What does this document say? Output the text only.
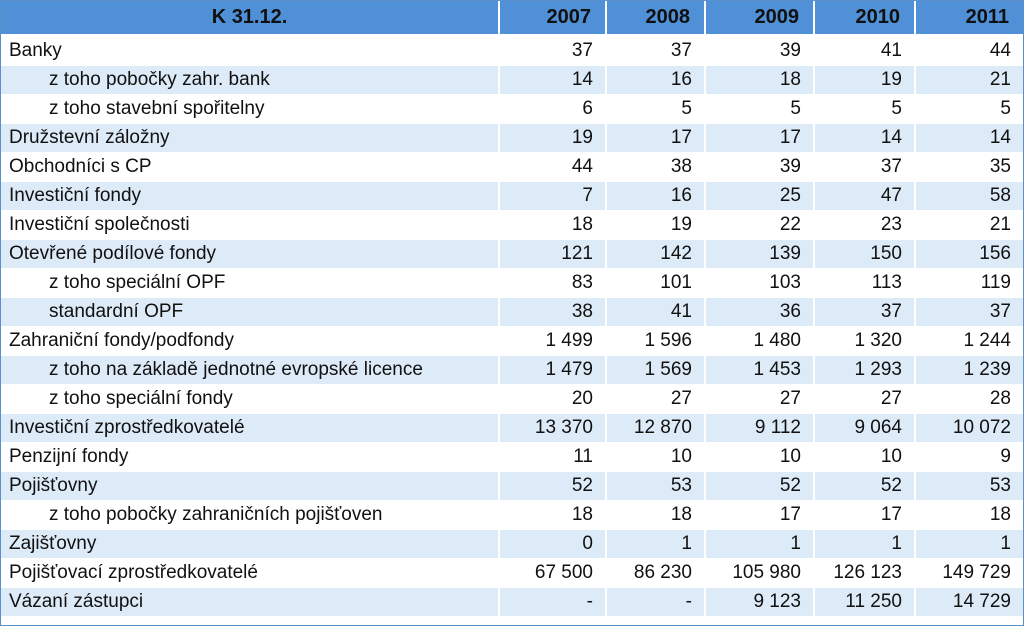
K 31.12.	2007	2008	2009	2010	2011
Banky	37	37	39	41	44
z toho pobočky zahr. bank	14	16	18	19	21
z toho stavební spořitelny	6	5	5	5	5
Družstevní záložny	19	17	17	14	14
Obchodníci s CP	44	38	39	37	35
Investiční fondy	7	16	25	47	58
Investiční společnosti	18	19	22	23	21
Otevřené podílové fondy	121	142	139	150	156
z toho speciální OPF	83	101	103	113	119
standardní OPF	38	41	36	37	37
Zahraniční fondy/podfondy	1 499	1 596	1 480	1 320	1 244
z toho na základě jednotné evropské licence	1 479	1 569	1 453	1 293	1 239
z toho speciální fondy	20	27	27	27	28
Investiční zprostředkovatelé	13 370	12 870	9 112	9 064	10 072
Penzijní fondy	11	10	10	10	9
Pojišťovny	52	53	52	52	53
z toho pobočky zahraničních pojišťoven	18	18	17	17	18
Zajišťovny	0	1	1	1	1
Pojišťovací zprostředkovatelé	67 500	86 230	105 980	126 123	149 729
Vázaní zástupci	-	-	9 123	11 250	14 729
